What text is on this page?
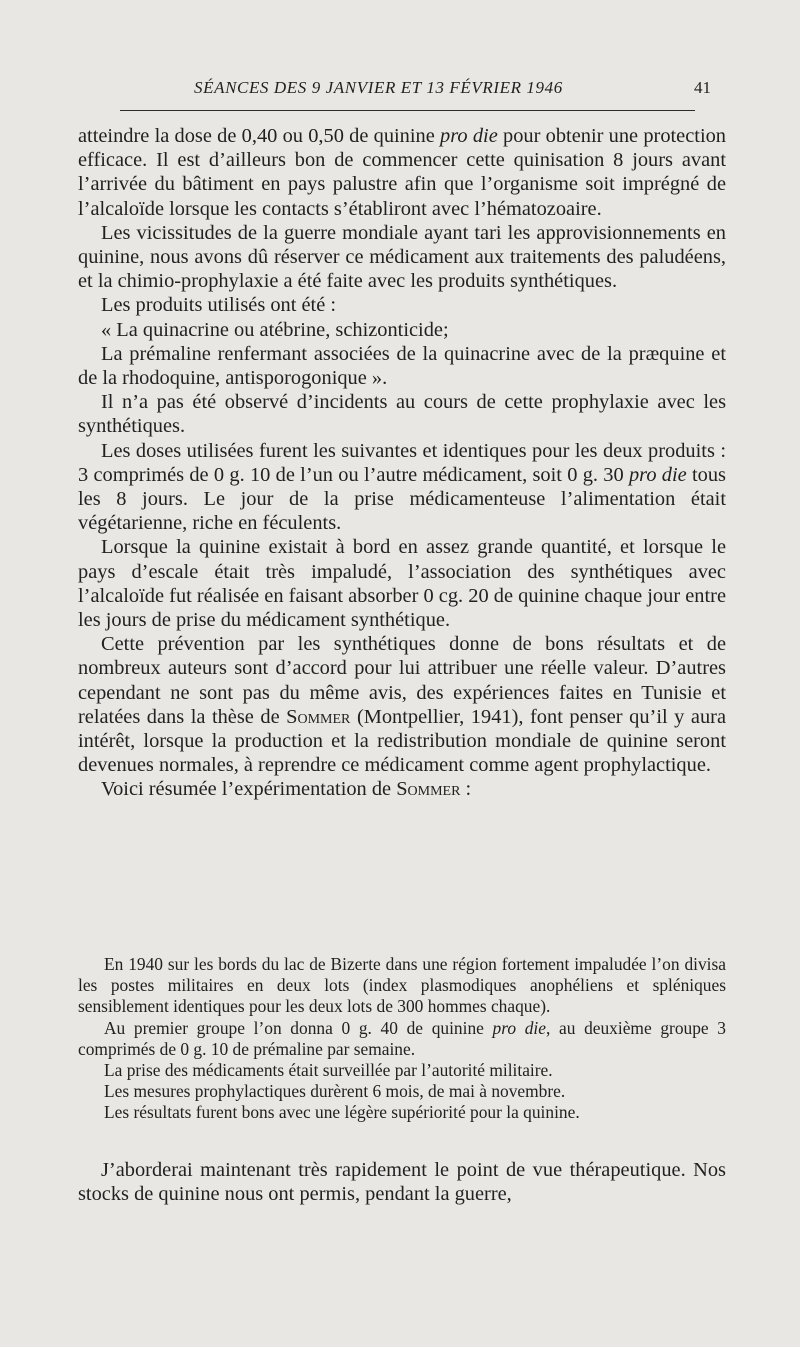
SÉANCES DES 9 JANVIER ET 13 FÉVRIER 1946	41

atteindre la dose de 0,40 ou 0,50 de quinine pro die pour obtenir une protection efficace. Il est d’ailleurs bon de commencer cette quinisation 8 jours avant l’arrivée du bâtiment en pays palustre afin que l’organisme soit imprégné de l’alcaloïde lorsque les contacts s’établiront avec l’hématozoaire.

Les vicissitudes de la guerre mondiale ayant tari les approvisionnements en quinine, nous avons dû réserver ce médicament aux traitements des paludéens, et la chimio-prophylaxie a été faite avec les produits synthétiques.

Les produits utilisés ont été :

« La quinacrine ou atébrine, schizonticide;

La prémaline renfermant associées de la quinacrine avec de la præquine et de la rhodoquine, antisporogonique ».

Il n’a pas été observé d’incidents au cours de cette prophylaxie avec les synthétiques.

Les doses utilisées furent les suivantes et identiques pour les deux produits : 3 comprimés de 0 g. 10 de l’un ou l’autre médicament, soit 0 g. 30 pro die tous les 8 jours. Le jour de la prise médicamenteuse l’alimentation était végétarienne, riche en féculents.

Lorsque la quinine existait à bord en assez grande quantité, et lorsque le pays d’escale était très impaludé, l’association des synthétiques avec l’alcaloïde fut réalisée en faisant absorber 0 cg. 20 de quinine chaque jour entre les jours de prise du médicament synthétique.

Cette prévention par les synthétiques donne de bons résultats et de nombreux auteurs sont d’accord pour lui attribuer une réelle valeur. D’autres cependant ne sont pas du même avis, des expériences faites en Tunisie et relatées dans la thèse de Sommer (Montpellier, 1941), font penser qu’il y aura intérêt, lorsque la production et la redistribution mondiale de quinine seront devenues normales, à reprendre ce médicament comme agent prophylactique.

Voici résumée l’expérimentation de Sommer :

En 1940 sur les bords du lac de Bizerte dans une région fortement impaludée l’on divisa les postes militaires en deux lots (index plasmodiques anophéliens et spléniques sensiblement identiques pour les deux lots de 300 hommes chaque).

Au premier groupe l’on donna 0 g. 40 de quinine pro die, au deuxième groupe 3 comprimés de 0 g. 10 de prémaline par semaine.

La prise des médicaments était surveillée par l’autorité militaire.

Les mesures prophylactiques durèrent 6 mois, de mai à novembre.

Les résultats furent bons avec une légère supériorité pour la quinine.

J’aborderai maintenant très rapidement le point de vue thérapeutique. Nos stocks de quinine nous ont permis, pendant la guerre,
